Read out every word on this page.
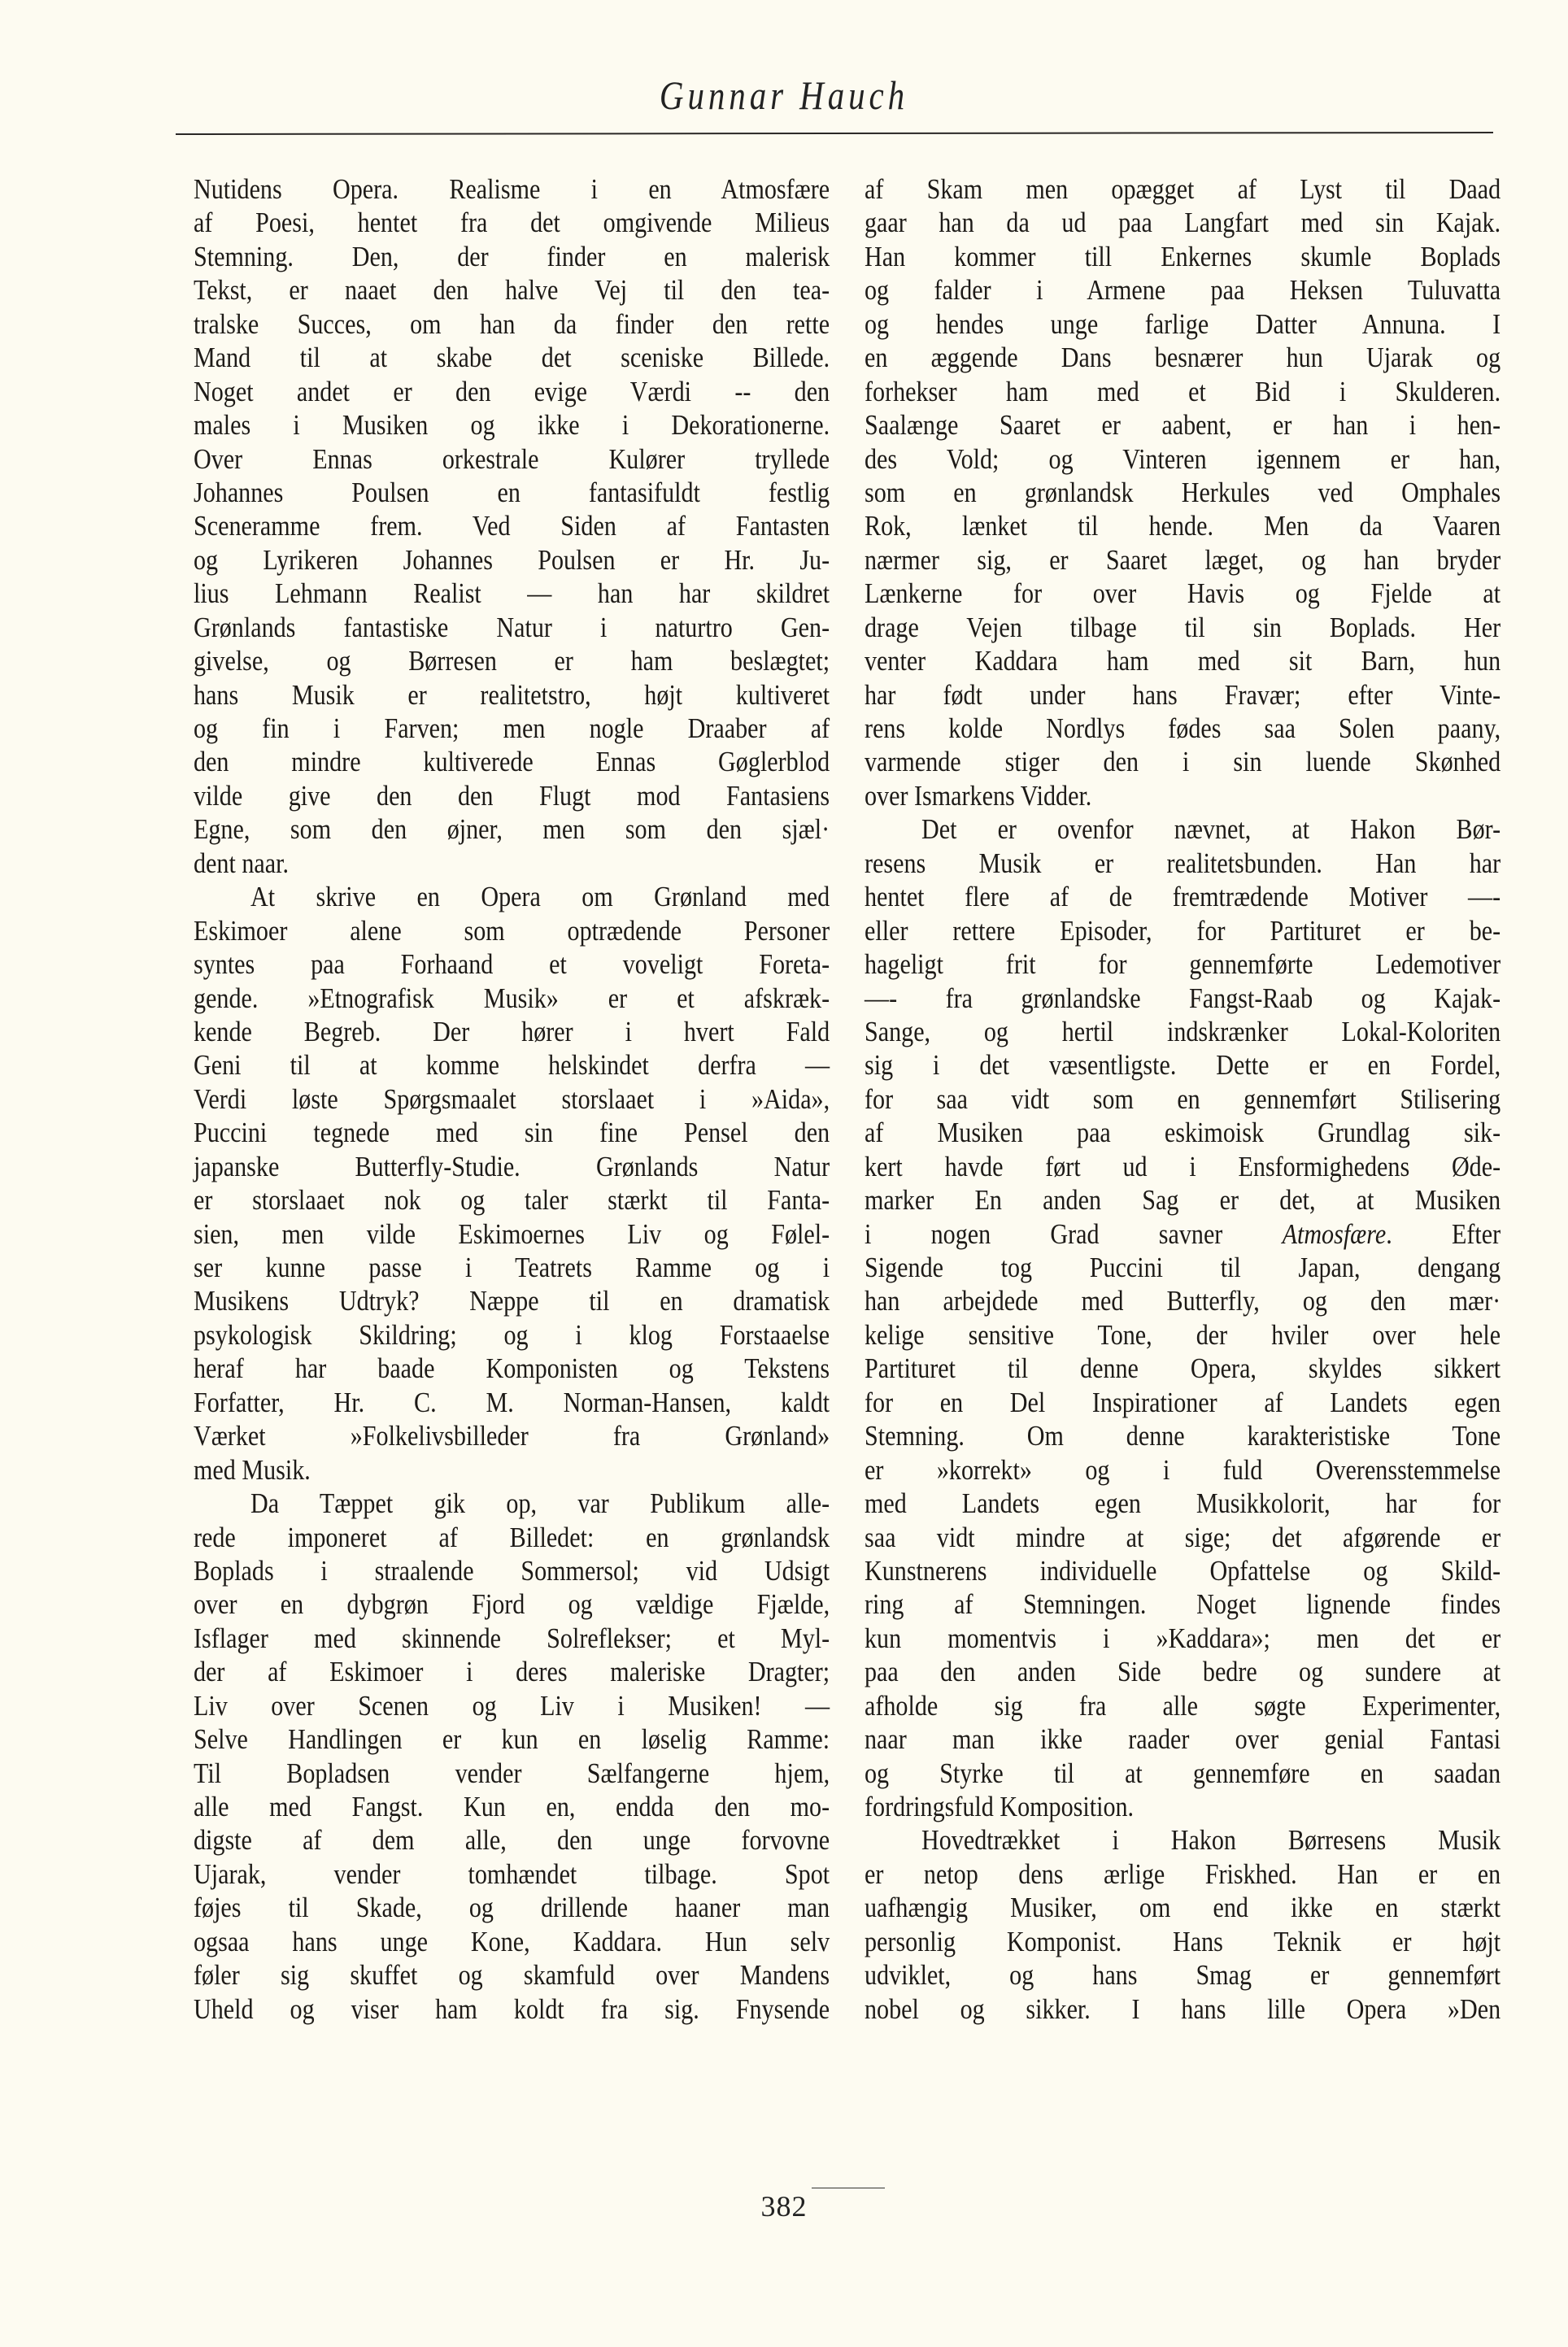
Gunnar Hauch
Nutidens Opera. Realisme i en Atmosfære
af Poesi, hentet fra det omgivende Milieus
Stemning. Den, der finder en malerisk
Tekst, er naaet den halve Vej til den tea-
tralske Succes, om han da finder den rette
Mand til at skabe det sceniske Billede.
Noget andet er den evige Værdi -- den
males i Musiken og ikke i Dekorationerne.
Over Ennas orkestrale Kulører tryllede
Johannes Poulsen en fantasifuldt festlig
Sceneramme frem. Ved Siden af Fantasten
og Lyrikeren Johannes Poulsen er Hr. Ju-
lius Lehmann Realist — han har skildret
Grønlands fantastiske Natur i naturtro Gen-
givelse, og Børresen er ham beslægtet;
hans Musik er realitetstro, højt kultiveret
og fin i Farven; men nogle Draaber af
den mindre kultiverede Ennas Gøglerblod
vilde give den den Flugt mod Fantasiens
Egne, som den øjner, men som den sjæl·
dent naar.
At skrive en Opera om Grønland med
Eskimoer alene som optrædende Personer
syntes paa Forhaand et voveligt Foreta-
gende. »Etnografisk Musik» er et afskræk-
kende Begreb. Der hører i hvert Fald
Geni til at komme helskindet derfra —
Verdi løste Spørgsmaalet storslaaet i »Aida»,
Puccini tegnede med sin fine Pensel den
japanske Butterfly-Studie. Grønlands Natur
er storslaaet nok og taler stærkt til Fanta-
sien, men vilde Eskimoernes Liv og Følel-
ser kunne passe i Teatrets Ramme og i
Musikens Udtryk? Næppe til en dramatisk
psykologisk Skildring; og i klog Forstaaelse
heraf har baade Komponisten og Tekstens
Forfatter, Hr. C. M. Norman-Hansen, kaldt
Værket »Folkelivsbilleder fra Grønland»
med Musik.
Da Tæppet gik op, var Publikum alle-
rede imponeret af Billedet: en grønlandsk
Boplads i straalende Sommersol; vid Udsigt
over en dybgrøn Fjord og vældige Fjælde,
Isflager med skinnende Solreflekser; et Myl-
der af Eskimoer i deres maleriske Dragter;
Liv over Scenen og Liv i Musiken! —
Selve Handlingen er kun en løselig Ramme:
Til Bopladsen vender Sælfangerne hjem,
alle med Fangst. Kun en, endda den mo-
digste af dem alle, den unge forvovne
Ujarak, vender tomhændet tilbage. Spot
føjes til Skade, og drillende haaner man
ogsaa hans unge Kone, Kaddara. Hun selv
føler sig skuffet og skamfuld over Mandens
Uheld og viser ham koldt fra sig. Fnysende
af Skam men opægget af Lyst til Daad
gaar han da ud paa Langfart med sin Kajak.
Han kommer till Enkernes skumle Boplads
og falder i Armene paa Heksen Tuluvatta
og hendes unge farlige Datter Annuna. I
en æggende Dans besnærer hun Ujarak og
forhekser ham med et Bid i Skulderen.
Saalænge Saaret er aabent, er han i hen-
des Vold; og Vinteren igennem er han,
som en grønlandsk Herkules ved Omphales
Rok, lænket til hende. Men da Vaaren
nærmer sig, er Saaret læget, og han bryder
Lænkerne for over Havis og Fjelde at
drage Vejen tilbage til sin Boplads. Her
venter Kaddara ham med sit Barn, hun
har født under hans Fravær; efter Vinte-
rens kolde Nordlys fødes saa Solen paany,
varmende stiger den i sin luende Skønhed
over Ismarkens Vidder.
Det er ovenfor nævnet, at Hakon Bør-
resens Musik er realitetsbunden. Han har
hentet flere af de fremtrædende Motiver —-
eller rettere Episoder, for Partituret er be-
hageligt frit for gennemførte Ledemotiver
—- fra grønlandske Fangst-Raab og Kajak-
Sange, og hertil indskrænker Lokal-Koloriten
sig i det væsentligste. Dette er en Fordel,
for saa vidt som en gennemført Stilisering
af Musiken paa eskimoisk Grundlag sik-
kert havde ført ud i Ensformighedens Øde-
marker En anden Sag er det, at Musiken
i nogen Grad savner Atmosfære. Efter
Sigende tog Puccini til Japan, dengang
han arbejdede med Butterfly, og den mær·
kelige sensitive Tone, der hviler over hele
Partituret til denne Opera, skyldes sikkert
for en Del Inspirationer af Landets egen
Stemning. Om denne karakteristiske Tone
er »korrekt» og i fuld Overensstemmelse
med Landets egen Musikkolorit, har for
saa vidt mindre at sige; det afgørende er
Kunstnerens individuelle Opfattelse og Skild-
ring af Stemningen. Noget lignende findes
kun momentvis i »Kaddara»; men det er
paa den anden Side bedre og sundere at
afholde sig fra alle søgte Experimenter,
naar man ikke raader over genial Fantasi
og Styrke til at gennemføre en saadan
fordringsfuld Komposition.
Hovedtrækket i Hakon Børresens Musik
er netop dens ærlige Friskhed. Han er en
uafhængig Musiker, om end ikke en stærkt
personlig Komponist. Hans Teknik er højt
udviklet, og hans Smag er gennemført
nobel og sikker. I hans lille Opera »Den
382
